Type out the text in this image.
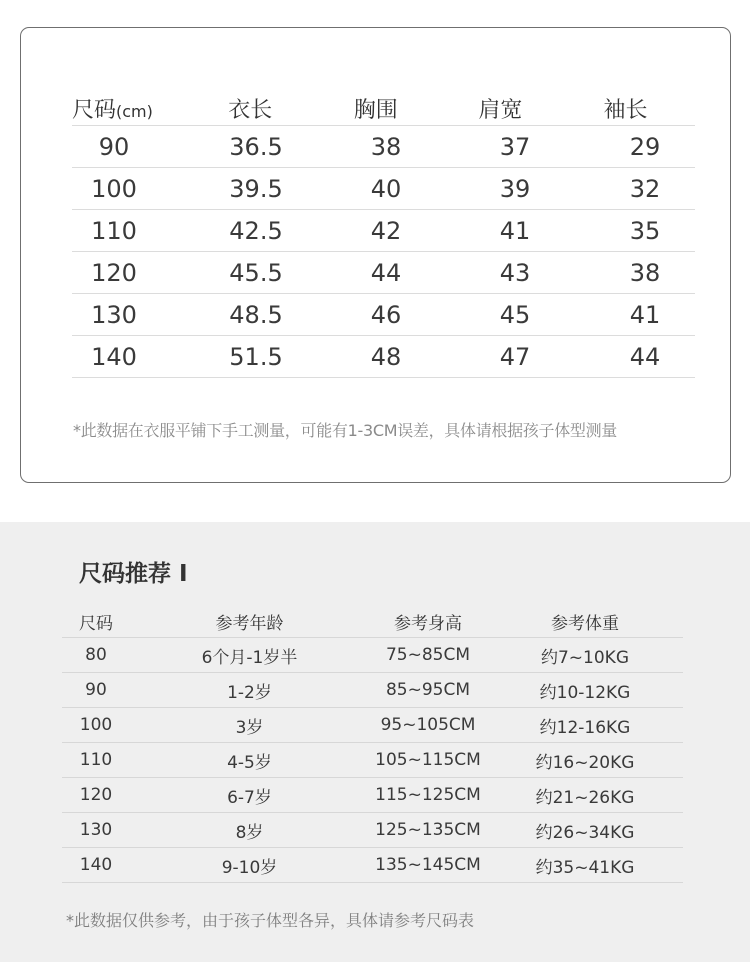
尺码(cm)	衣长	胸围	肩宽	袖长
90	36.5	38	37	29
100	39.5	40	39	32
110	42.5	42	41	35
120	45.5	44	43	38
130	48.5	46	45	41
140	51.5	48	47	44
*此数据在衣服平铺下手工测量，可能有1-3CM误差，具体请根据孩子体型测量
尺码推荐 I
尺码	参考年龄	参考身高	参考体重
80	6个月-1岁半	75~85CM	约7~10KG
90	1-2岁	85~95CM	约10-12KG
100	3岁	95~105CM	约12-16KG
110	4-5岁	105~115CM	约16~20KG
120	6-7岁	115~125CM	约21~26KG
130	8岁	125~135CM	约26~34KG
140	9-10岁	135~145CM	约35~41KG
*此数据仅供参考，由于孩子体型各异，具体请参考尺码表
